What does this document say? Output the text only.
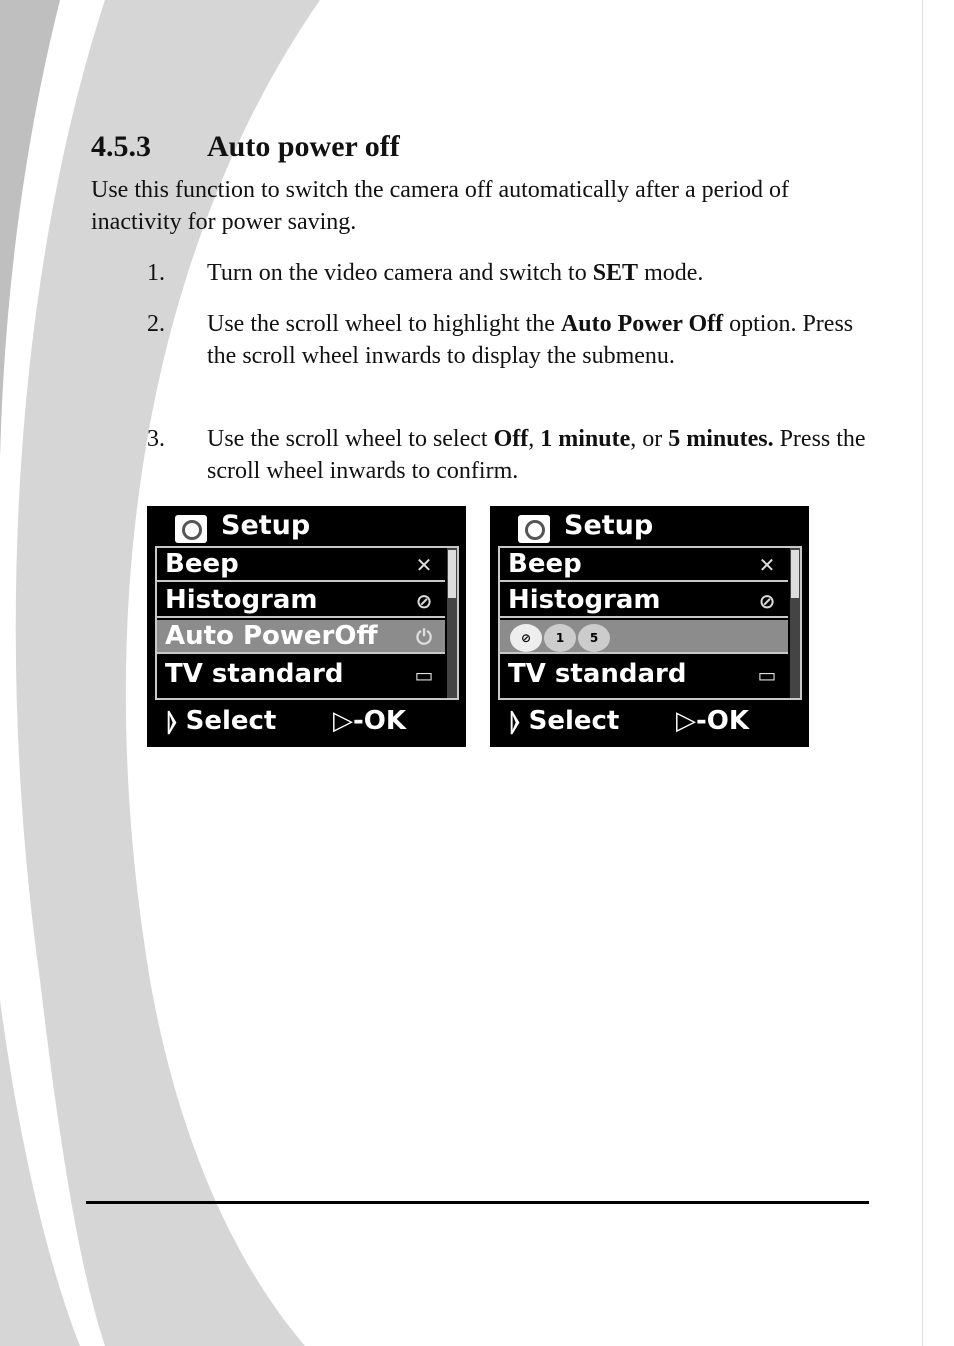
4.5.3 Auto power off

Use this function to switch the camera off automatically after a period of inactivity for power saving.

1. Turn on the video camera and switch to SET mode.
2. Use the scroll wheel to highlight the Auto Power Off option. Press the scroll wheel inwards to display the submenu.
3. Use the scroll wheel to select Off, 1 minute, or 5 minutes. Press the scroll wheel inwards to confirm.
Setup
Beep	✕
Histogram	⊘
Auto PowerOff	⏻
TV standard	▭
⦊ Select ▷-OK
Setup
Beep	✕
Histogram	⊘
⊘	1	5
TV standard	▭
⦊ Select ▷-OK
